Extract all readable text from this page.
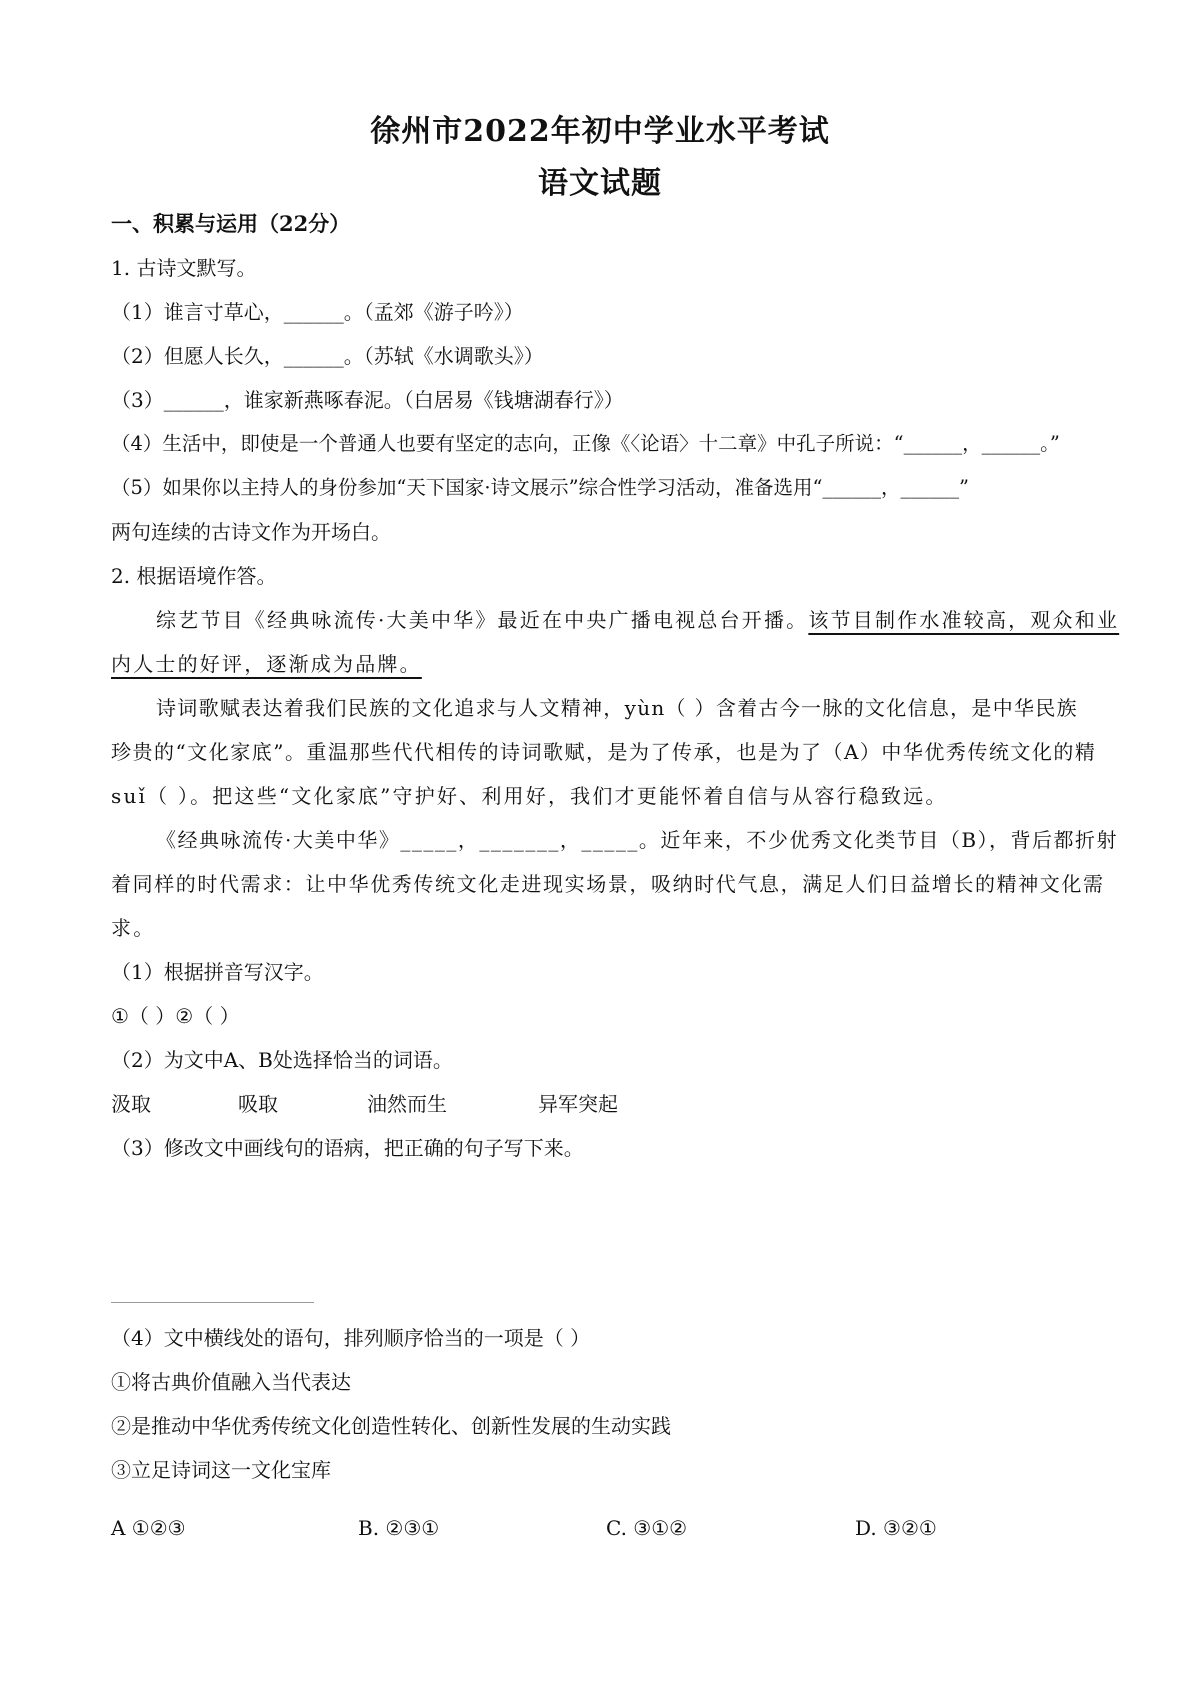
徐州市2022年初中学业水平考试
语文试题
一、积累与运用（22分）
1. 古诗文默写。
（1）谁言寸草心，______。（孟郊《游子吟》）
（2）但愿人长久，______。（苏轼《水调歌头》）
（3）______，谁家新燕啄春泥。（白居易《钱塘湖春行》）
（4）生活中，即使是一个普通人也要有坚定的志向，正像《〈论语〉十二章》中孔子所说：“______，______。”
（5）如果你以主持人的身份参加“天下国家·诗文展示”综合性学习活动，准备选用“______，______”
两句连续的古诗文作为开场白。
2. 根据语境作答。
综艺节目《经典咏流传·大美中华》最近在中央广播电视总台开播。该节目制作水准较高，观众和业
内人士的好评，逐渐成为品牌。
诗词歌赋表达着我们民族的文化追求与人文精神，yùn（ ）含着古今一脉的文化信息，是中华民族
珍贵的“文化家底”。重温那些代代相传的诗词歌赋，是为了传承，也是为了（A）中华优秀传统文化的精
suǐ（ ）。把这些“文化家底”守护好、利用好，我们才更能怀着自信与从容行稳致远。
《经典咏流传·大美中华》_____，_______，_____。近年来，不少优秀文化类节目（B），背后都折射
着同样的时代需求：让中华优秀传统文化走进现实场景，吸纳时代气息，满足人们日益增长的精神文化需
求。
（1）根据拼音写汉字。
①（ ）②（ ）
（2）为文中A、B处选择恰当的词语。
汲取	吸取	油然而生	异军突起
（3）修改文中画线句的语病，把正确的句子写下来。
（4）文中横线处的语句，排列顺序恰当的一项是（ ）
①将古典价值融入当代表达
②是推动中华优秀传统文化创造性转化、创新性发展的生动实践
③立足诗词这一文化宝库
A ①②③	B. ②③①	C. ③①②	D. ③②①
